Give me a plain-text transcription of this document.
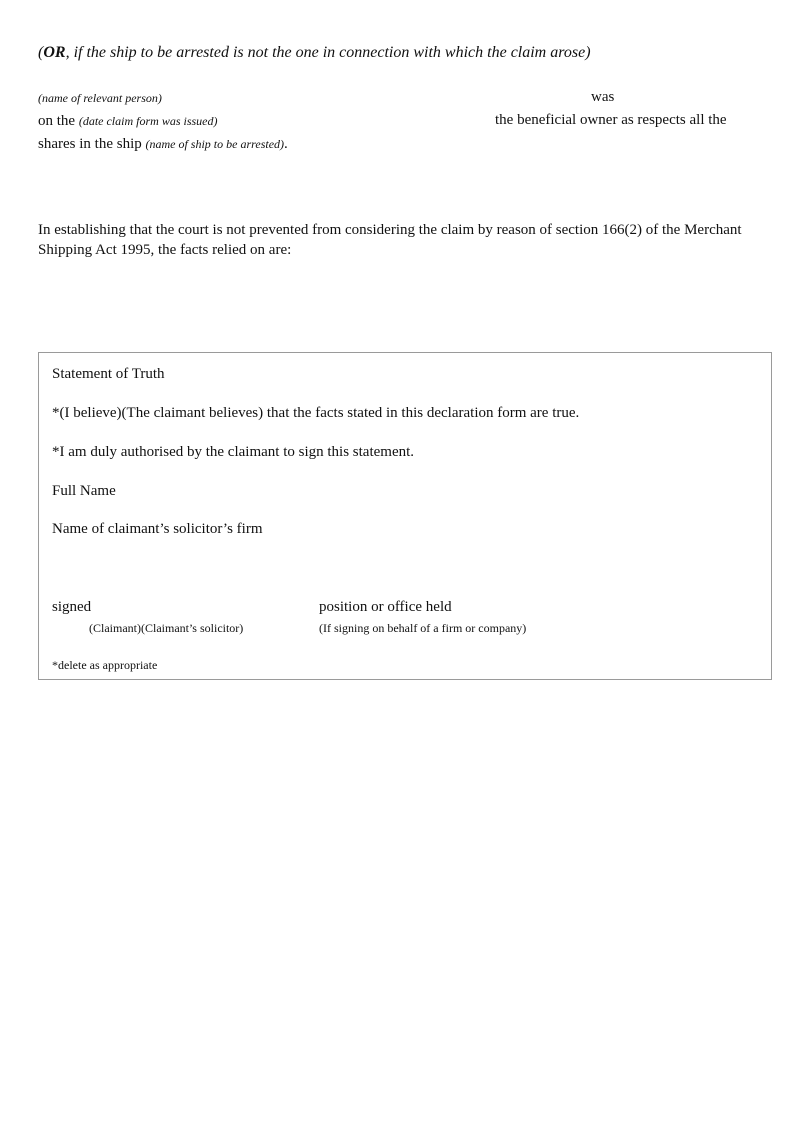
(OR, if the ship to be arrested is not the one in connection with which the claim arose)
(name of relevant person)	was
on the (date claim form was issued)	the beneficial owner as respects all the
shares in the ship (name of ship to be arrested).
In establishing that the court is not prevented from considering the claim by reason of section 166(2) of the Merchant Shipping Act 1995, the facts relied on are:
Statement of Truth
*(I believe)(The claimant believes) that the facts stated in this declaration form are true.
*I am duly authorised by the claimant to sign this statement.
Full Name
Name of claimant’s solicitor’s firm
signed
(Claimant)(Claimant’s solicitor)
position or office held
(If signing on behalf of a firm or company)
*delete as appropriate
